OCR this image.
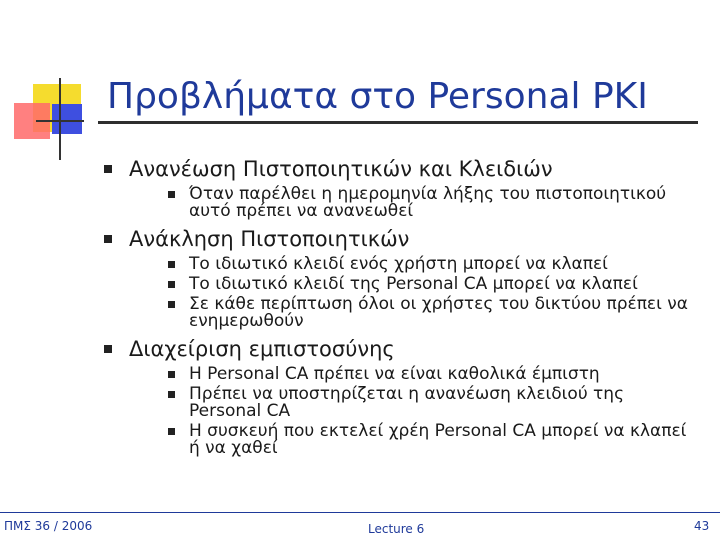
Προβλήματα στο Personal PKI
Ανανέωση Πιστοποιητικών και Κλειδιών
Όταν παρέλθει η ημερομηνία λήξης του πιστοποιητικού αυτό πρέπει να ανανεωθεί
Ανάκληση Πιστοποιητικών
Το ιδιωτικό κλειδί ενός χρήστη μπορεί να κλαπεί
Το ιδιωτικό κλειδί της Personal CA μπορεί να κλαπεί
Σε κάθε περίπτωση όλοι οι χρήστες του δικτύου πρέπει να ενημερωθούν
Διαχείριση εμπιστοσύνης
Η Personal CA πρέπει να είναι καθολικά έμπιστη
Πρέπει να υποστηρίζεται η ανανέωση κλειδιού της Personal CA
Η συσκευή που εκτελεί χρέη Personal CA μπορεί να κλαπεί ή να χαθεί
ΠΜΣ 36 / 2006	Lecture 6	43
